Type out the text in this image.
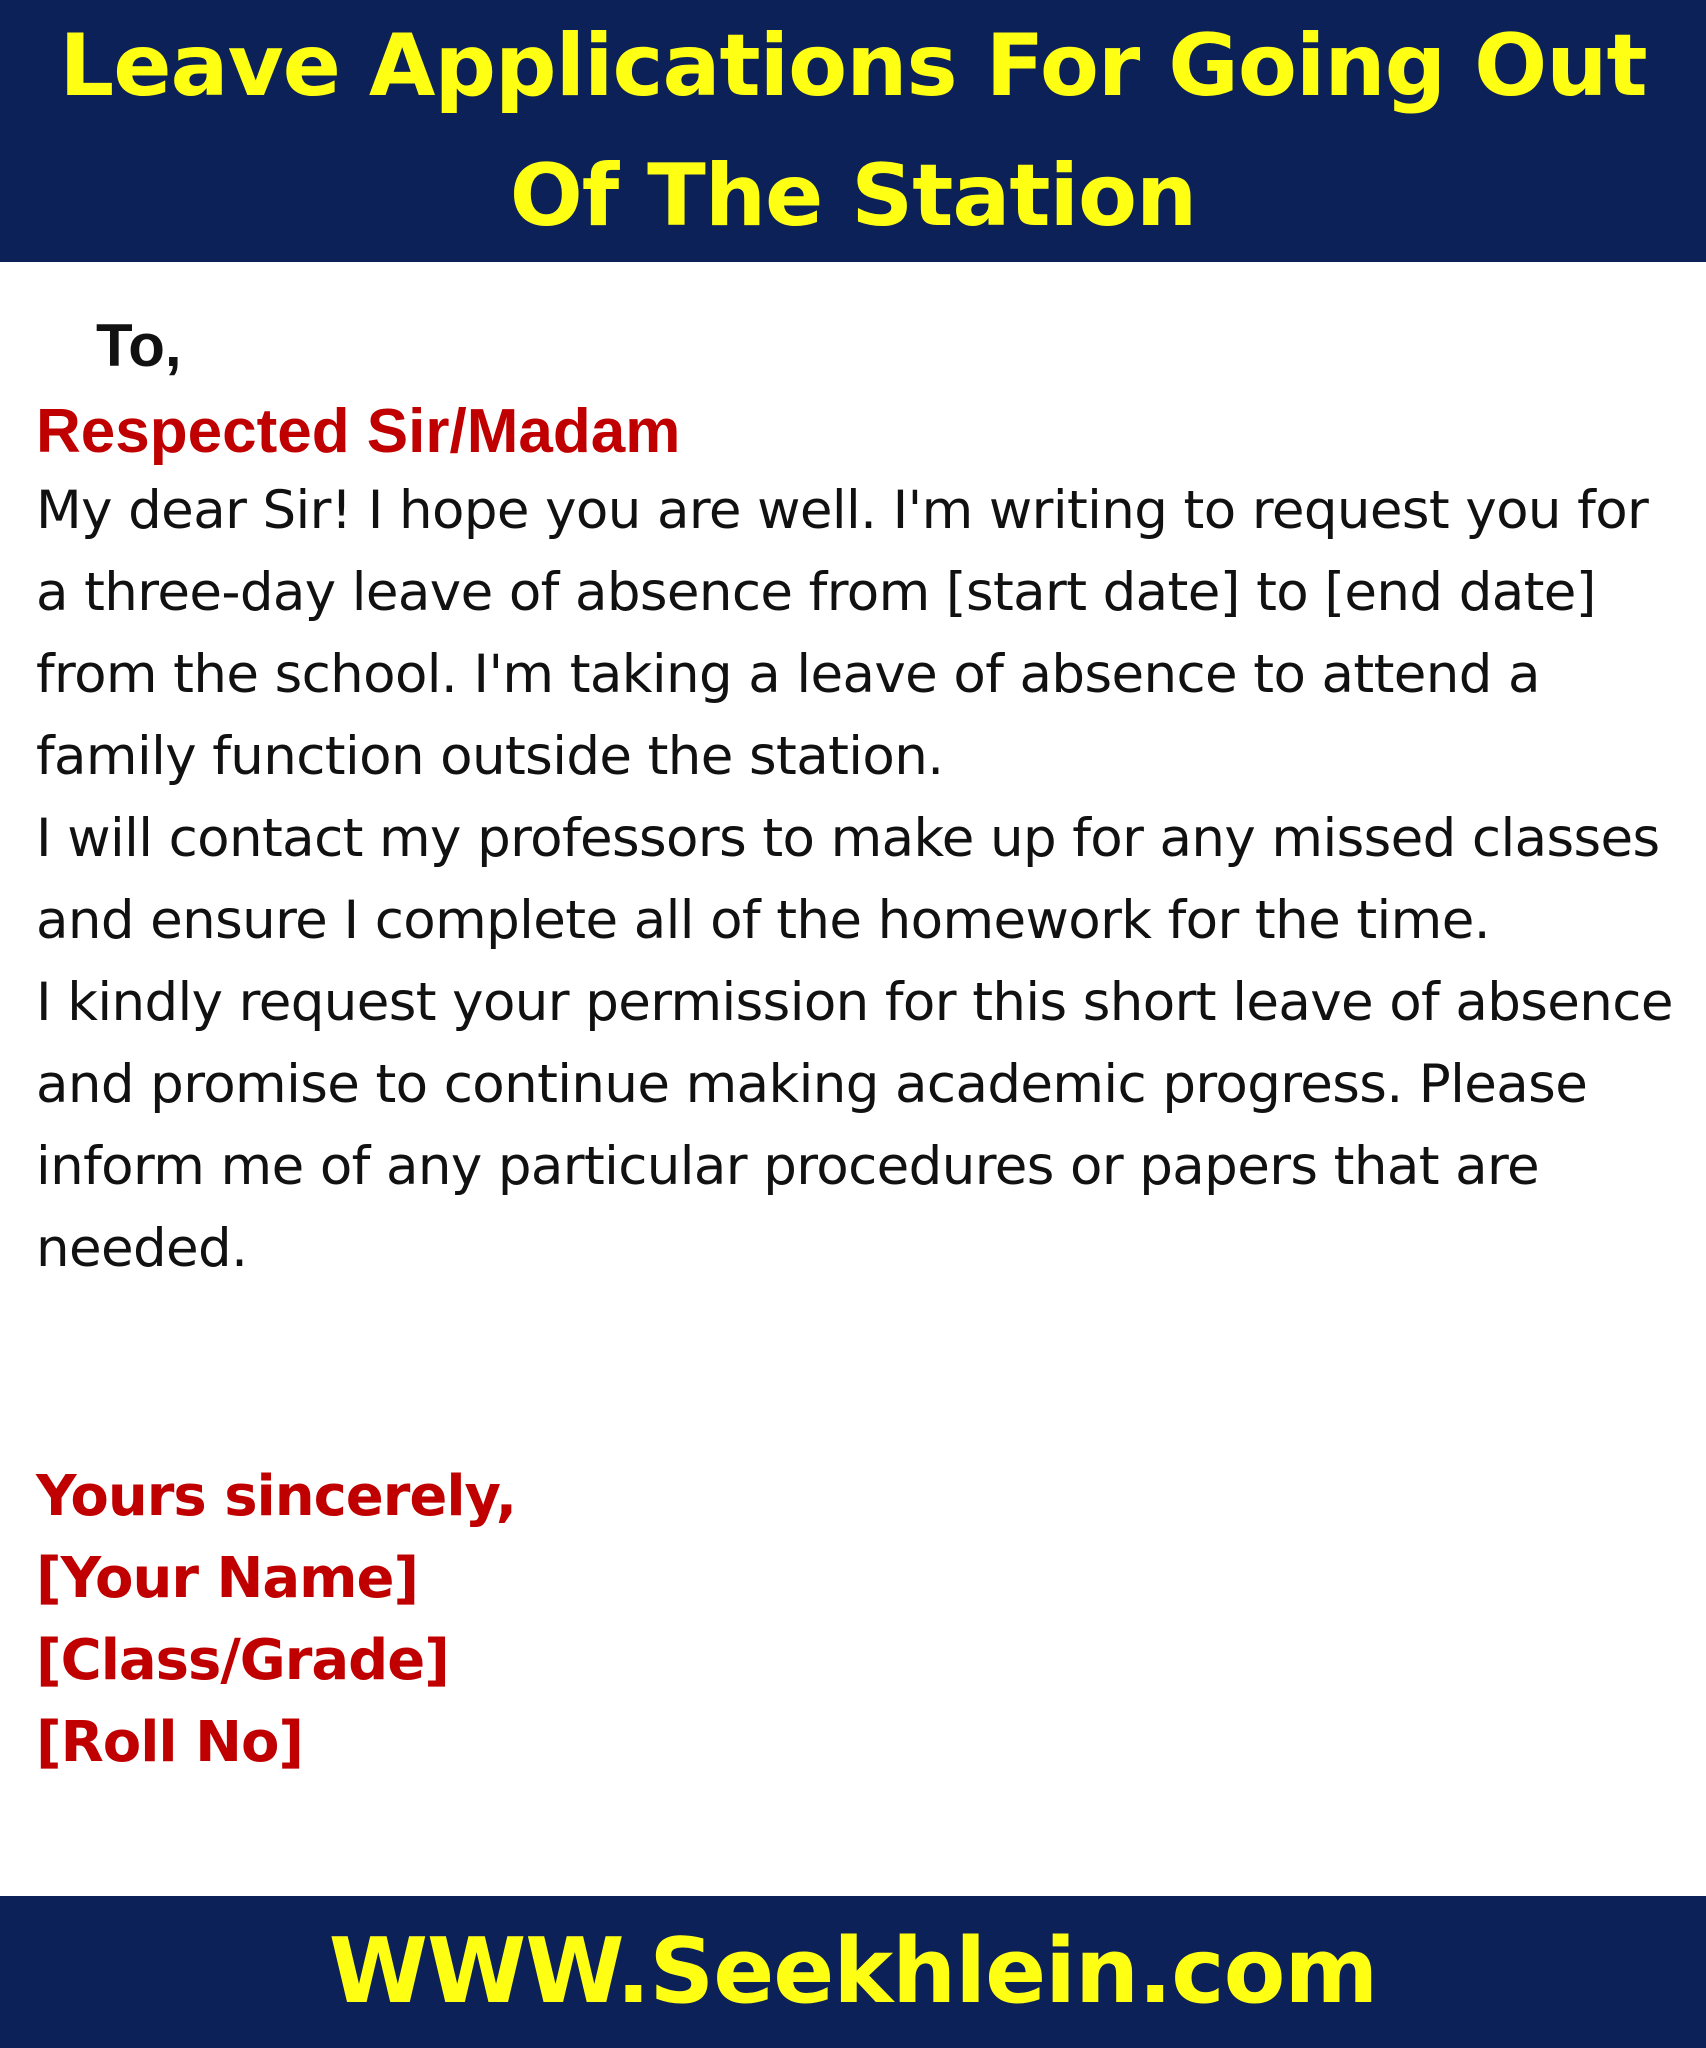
Leave Applications For Going Out
Of The Station

To,

Respected Sir/Madam

My dear Sir! I hope you are well. I'm writing to request you for a three-day leave of absence from [start date] to [end date] from the school. I'm taking a leave of absence to attend a family function outside the station.

I will contact my professors to make up for any missed classes and ensure I complete all of the homework for the time.

I kindly request your permission for this short leave of absence and promise to continue making academic progress. Please inform me of any particular procedures or papers that are needed.

Yours sincerely,

[Your Name]

[Class/Grade]

[Roll No]

WWW.Seekhlein.com
